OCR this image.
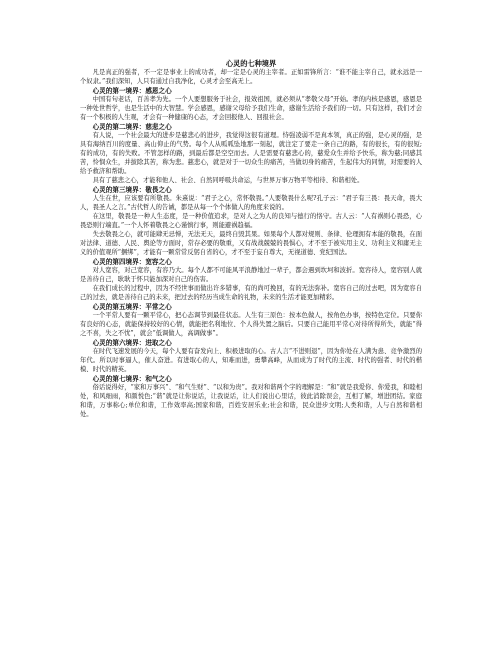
心灵的七种境界

凡是真正的强者，不一定是事业上的成功者，却一定是心灵的主宰者。正如雷锋所言：“谁不能主宰自己，就永远是一个奴隶。”我们深知，人只有通过自我净化，心灵才会至高无上。

心灵的第一境界：感恩之心

中国有句老话，百善孝为先。一个人要想服务于社会，报效祖国，就必须从“孝敬父母”开始。孝的内核是感恩，感恩是一种处世哲学，也是生活中的大智慧。学会感恩，感谢父母给予我们生命，感谢生活给予我们的一切。只有这样，我们才会有一个积极的人生观，才会有一种健康的心态，才会回报他人、回报社会。

心灵的第二境界：慈悲之心

有人说，一个社会最大的进步是慈悲心的进步，我觉得这很有道理。恃强凌弱不是真本领，真正的强，是心灵的强，是具有海纳百川的度量、高山仰止的气势。每个人从呱呱坠地那一刻起，就注定了要走一条自己的路，有的很长，有的很短;有的成功，有的失败。不管怎样的路，到最后都是空空而去。人是需要有慈悲心的，慈爱众生并给予快乐，称为慈;同感其苦，怜悯众生，并拔除其苦，称为悲。慈悲心，就是对于一切众生的痛苦，当做切身的痛苦，生起伟大的同情，对需要的人给予救济和帮助。

具有了慈悲之心，才能和他人、社会、自然同呼吸共命运，与世界万事万物平等相待、和谐相处。

心灵的第三境界：敬畏之心

人生在世，应该要有所敬畏。朱熹说：“君子之心，常怀敬畏。”人要敬畏什么呢?孔子云：“君子有三畏：畏天命，畏大人，畏圣人之言。”古代哲人的告诫，都是从每一个个体做人的角度来说的。

在这里，敬畏是一种人生态度，是一种价值追求，是对人之为人的良知与德行的恪守。古人云：“人有祸则心畏恐，心畏恐则行端直。”一个人怀着敬畏之心谨慎行事，则能避祸趋福。

失去敬畏之心，就可能肆无忌惮，无法无天，最终自毁其果。如果每个人都对规则、条律、伦理拥有本能的敬畏，在面对法律、道德、人民、舆论等方面时，常存必要的敬重，又有战战兢兢的畏惧心，才不至于被实用主义、功利主义和庸无主义的价值观所“捆绑”，才能有一颗常常反躬自省的心，才不至于妄自尊大，无视道德、党纪国法。

心灵的第四境界：宽容之心

对人宽容，对己宽容，有容乃大。每个人都不可能风平浪静地过一辈子，都会遇到坎坷和波折。宽容待人，宽容别人就是善待自己，耿耿于怀只能加深对自己的伤害。

在我们成长的过程中，因为不经世事而做出许多错事，有的尚可挽回，有的无法弥补。宽容自己的过去吧，因为宽容自己的过去，就是善待自己的未来，把过去的经历当成生命的礼物，未来的生活才能更加精彩。

心灵的第五境界：平常之心

一个平常人要有一颗平常心，把心态调节到最佳状态。人生有三原色：按本色做人，按角色办事，按特色定位。只要你有良好的心态，就能保持较好的心情，就能把名利地位、个人得失置之脑后。只要自己能用平常心对待所得所失，就能“得之不喜，失之不忧”，就会“低调做人，高调做事”。

心灵的第六境界：进取之心

在时代飞速发展的今天，每个人要有奋发向上、积极进取的心。古人言“不进则退”，因为你处在人满为患、竞争激烈的年代。所以时事逼人，催人奋进。有进取心的人，知难而进，勇攀高峰，从而成为了时代的主流、时代的强者、时代的楷模、时代的精英。

心灵的第七境界：和气之心

俗话说得好，“家和万事兴”、“和气生财”、“以和为贵”。我对和谐两个字的理解是：“和”就是我爱你、你爱我，和睦相处，和风细雨，和颜悦色;“谐”就是让你说话，让我说话，让人们说出心里话，彼此消除误会，互相了解，增进团结。家庭和谐，万事称心;单位和谐，工作效率高;国家和谐，百姓安居乐业;社会和谐，民众进步文明;人类和谐，人与自然和谐相处。
